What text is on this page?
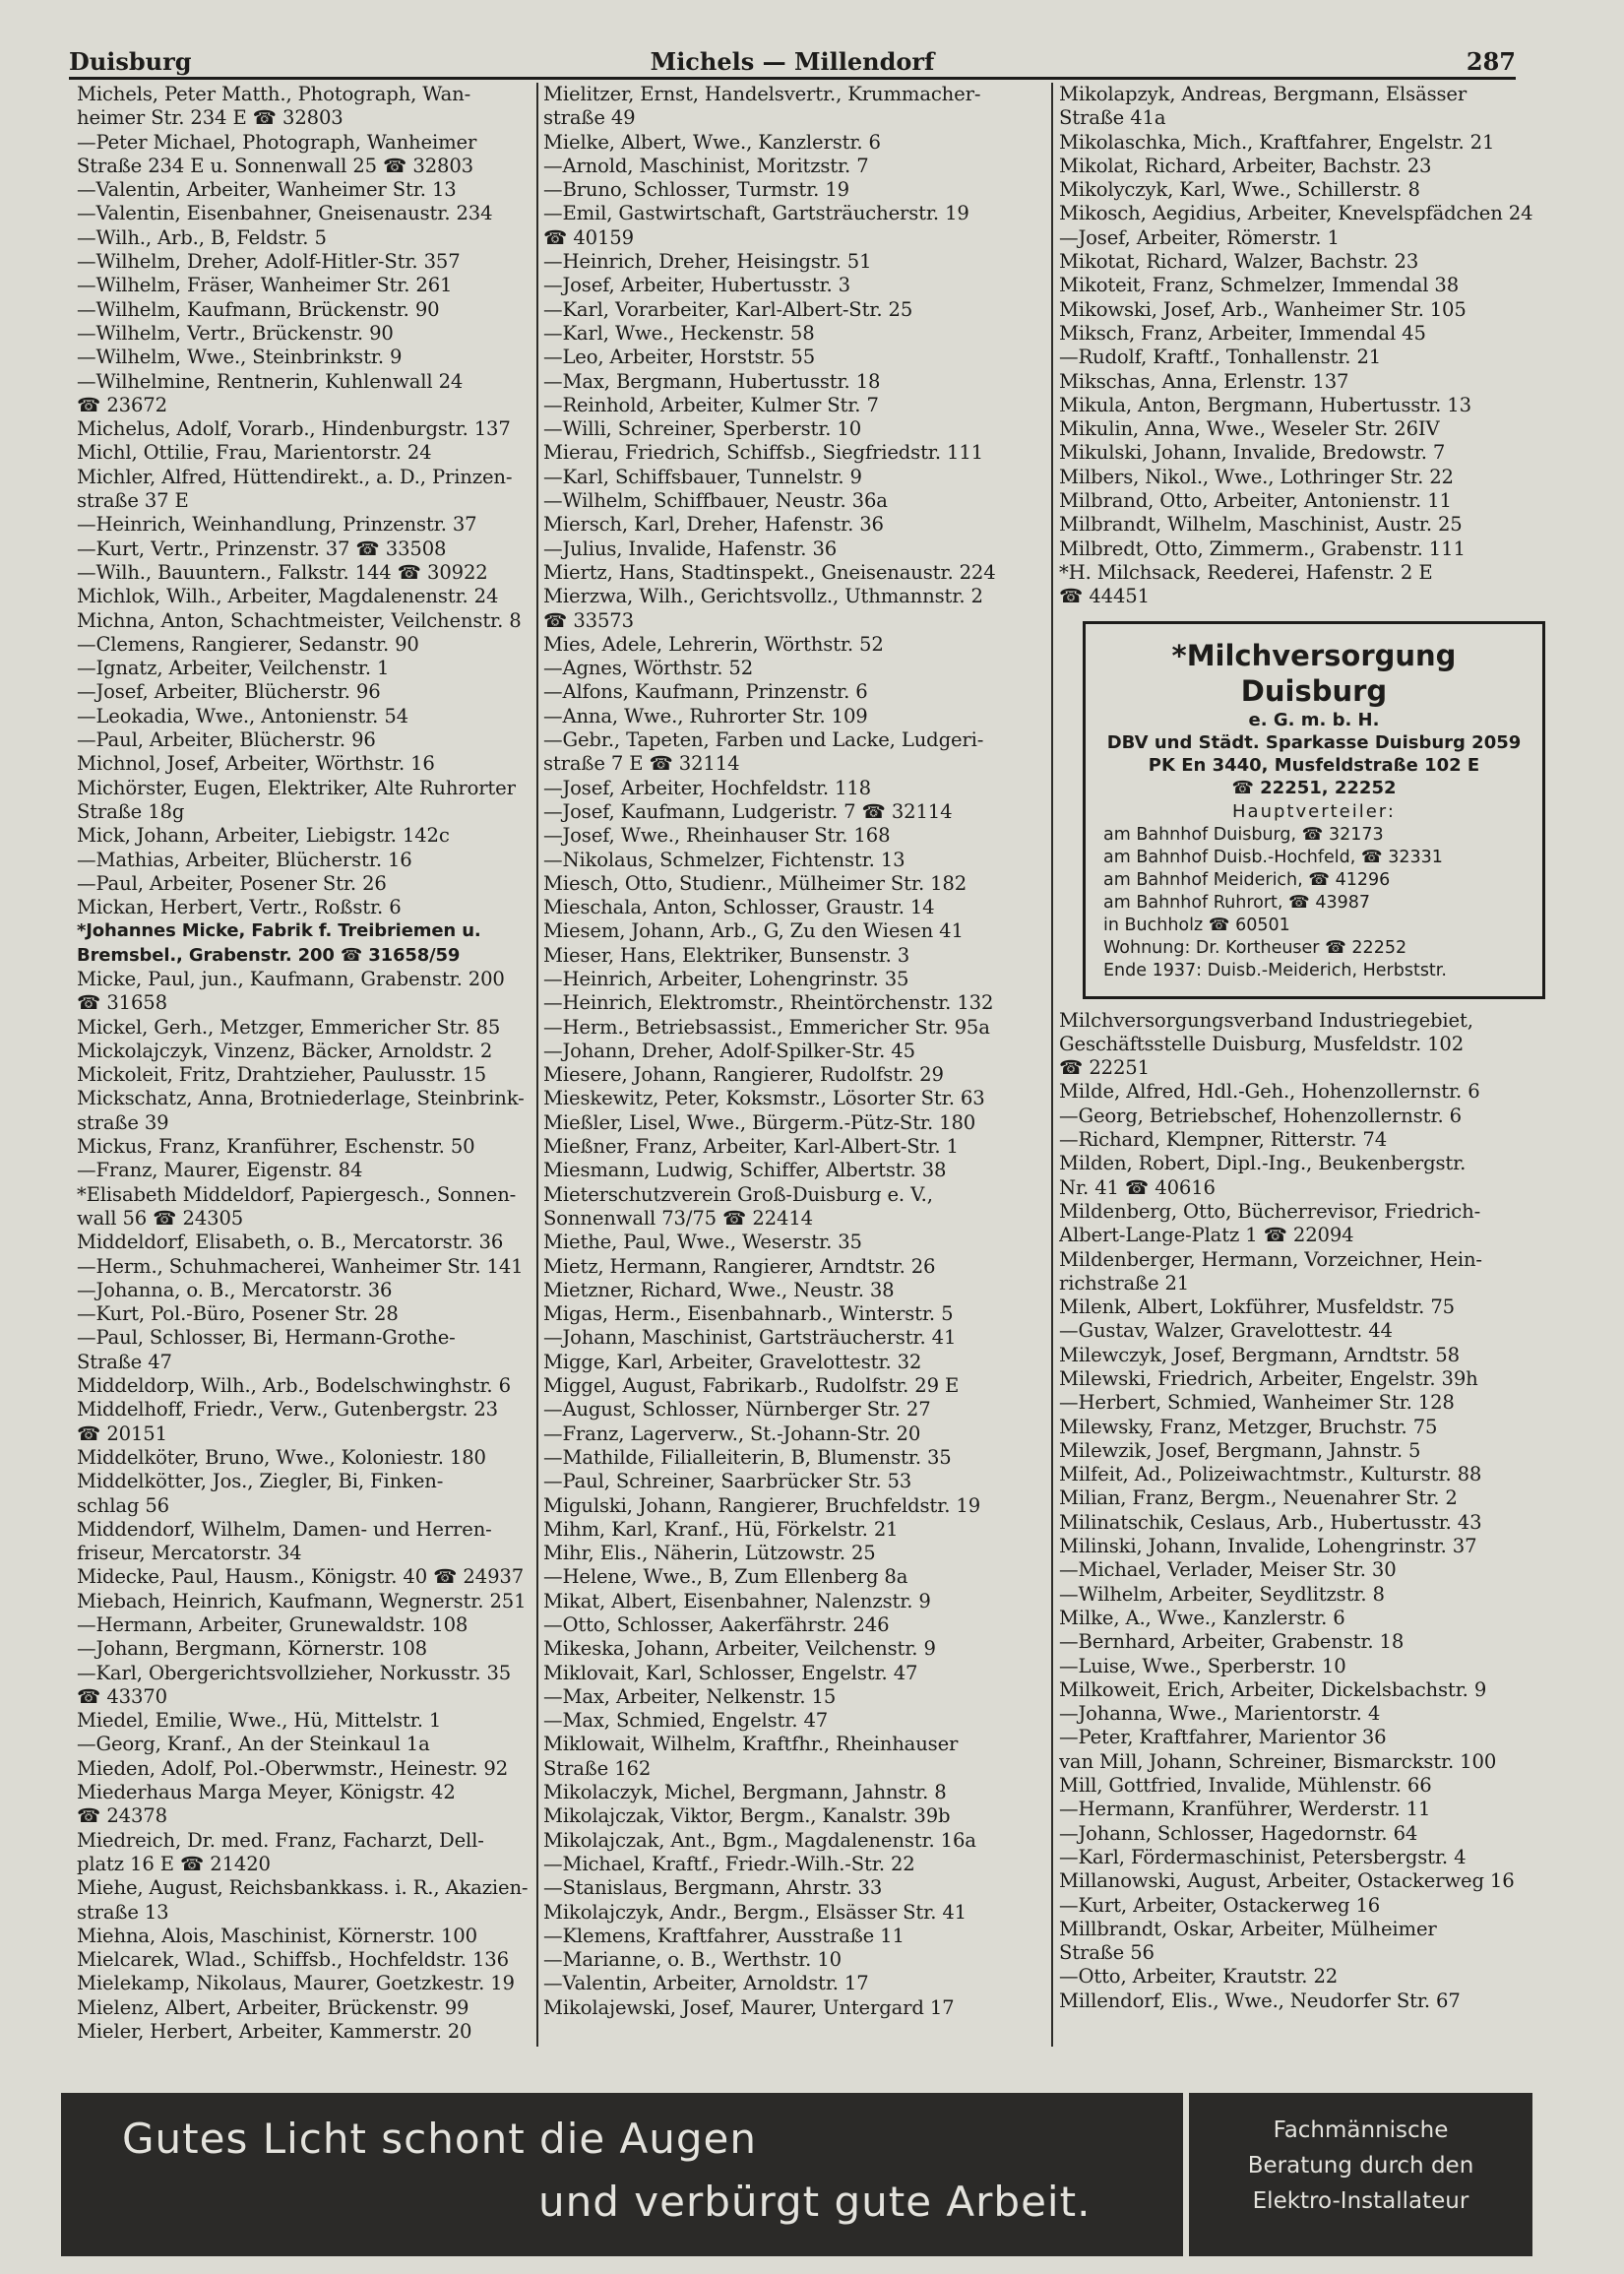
Duisburg	Michels — Millendorf	287
Michels, Peter Matth., Photograph, Wan-
heimer Str. 234 E ☎ 32803
—Peter Michael, Photograph, Wanheimer
Straße 234 E u. Sonnenwall 25 ☎ 32803
—Valentin, Arbeiter, Wanheimer Str. 13
—Valentin, Eisenbahner, Gneisenaustr. 234
—Wilh., Arb., B, Feldstr. 5
—Wilhelm, Dreher, Adolf-Hitler-Str. 357
—Wilhelm, Fräser, Wanheimer Str. 261
—Wilhelm, Kaufmann, Brückenstr. 90
—Wilhelm, Vertr., Brückenstr. 90
—Wilhelm, Wwe., Steinbrinkstr. 9
—Wilhelmine, Rentnerin, Kuhlenwall 24
☎ 23672
Michelus, Adolf, Vorarb., Hindenburgstr. 137
Michl, Ottilie, Frau, Marientorstr. 24
Michler, Alfred, Hüttendirekt., a. D., Prinzen-
straße 37 E
—Heinrich, Weinhandlung, Prinzenstr. 37
—Kurt, Vertr., Prinzenstr. 37 ☎ 33508
—Wilh., Bauuntern., Falkstr. 144 ☎ 30922
Michlok, Wilh., Arbeiter, Magdalenenstr. 24
Michna, Anton, Schachtmeister, Veilchenstr. 8
—Clemens, Rangierer, Sedanstr. 90
—Ignatz, Arbeiter, Veilchenstr. 1
—Josef, Arbeiter, Blücherstr. 96
—Leokadia, Wwe., Antonienstr. 54
—Paul, Arbeiter, Blücherstr. 96
Michnol, Josef, Arbeiter, Wörthstr. 16
Michörster, Eugen, Elektriker, Alte Ruhrorter
Straße 18g
Mick, Johann, Arbeiter, Liebigstr. 142c
—Mathias, Arbeiter, Blücherstr. 16
—Paul, Arbeiter, Posener Str. 26
Mickan, Herbert, Vertr., Roßstr. 6
*Johannes Micke, Fabrik f. Treibriemen u.
Bremsbel., Grabenstr. 200 ☎ 31658/59
Micke, Paul, jun., Kaufmann, Grabenstr. 200
☎ 31658
Mickel, Gerh., Metzger, Emmericher Str. 85
Mickolajczyk, Vinzenz, Bäcker, Arnoldstr. 2
Mickoleit, Fritz, Drahtzieher, Paulusstr. 15
Mickschatz, Anna, Brotniederlage, Steinbrink-
straße 39
Mickus, Franz, Kranführer, Eschenstr. 50
—Franz, Maurer, Eigenstr. 84
*Elisabeth Middeldorf, Papiergesch., Sonnen-
wall 56 ☎ 24305
Middeldorf, Elisabeth, o. B., Mercatorstr. 36
—Herm., Schuhmacherei, Wanheimer Str. 141
—Johanna, o. B., Mercatorstr. 36
—Kurt, Pol.-Büro, Posener Str. 28
—Paul, Schlosser, Bi, Hermann-Grothe-
Straße 47
Middeldorp, Wilh., Arb., Bodelschwinghstr. 6
Middelhoff, Friedr., Verw., Gutenbergstr. 23
☎ 20151
Middelköter, Bruno, Wwe., Koloniestr. 180
Middelkötter, Jos., Ziegler, Bi, Finken-
schlag 56
Middendorf, Wilhelm, Damen- und Herren-
friseur, Mercatorstr. 34
Midecke, Paul, Hausm., Königstr. 40 ☎ 24937
Miebach, Heinrich, Kaufmann, Wegnerstr. 251
—Hermann, Arbeiter, Grunewaldstr. 108
—Johann, Bergmann, Körnerstr. 108
—Karl, Obergerichtsvollzieher, Norkusstr. 35
☎ 43370
Miedel, Emilie, Wwe., Hü, Mittelstr. 1
—Georg, Kranf., An der Steinkaul 1a
Mieden, Adolf, Pol.-Oberwmstr., Heinestr. 92
Miederhaus Marga Meyer, Königstr. 42
☎ 24378
Miedreich, Dr. med. Franz, Facharzt, Dell-
platz 16 E ☎ 21420
Miehe, August, Reichsbankkass. i. R., Akazien-
straße 13
Miehna, Alois, Maschinist, Körnerstr. 100
Mielcarek, Wlad., Schiffsb., Hochfeldstr. 136
Mielekamp, Nikolaus, Maurer, Goetzkestr. 19
Mielenz, Albert, Arbeiter, Brückenstr. 99
Mieler, Herbert, Arbeiter, Kammerstr. 20
Mielitzer, Ernst, Handelsvertr., Krummacher-
straße 49
Mielke, Albert, Wwe., Kanzlerstr. 6
—Arnold, Maschinist, Moritzstr. 7
—Bruno, Schlosser, Turmstr. 19
—Emil, Gastwirtschaft, Gartsträucherstr. 19
☎ 40159
—Heinrich, Dreher, Heisingstr. 51
—Josef, Arbeiter, Hubertusstr. 3
—Karl, Vorarbeiter, Karl-Albert-Str. 25
—Karl, Wwe., Heckenstr. 58
—Leo, Arbeiter, Horststr. 55
—Max, Bergmann, Hubertusstr. 18
—Reinhold, Arbeiter, Kulmer Str. 7
—Willi, Schreiner, Sperberstr. 10
Mierau, Friedrich, Schiffsb., Siegfriedstr. 111
—Karl, Schiffsbauer, Tunnelstr. 9
—Wilhelm, Schiffbauer, Neustr. 36a
Miersch, Karl, Dreher, Hafenstr. 36
—Julius, Invalide, Hafenstr. 36
Miertz, Hans, Stadtinspekt., Gneisenaustr. 224
Mierzwa, Wilh., Gerichtsvollz., Uthmannstr. 2
☎ 33573
Mies, Adele, Lehrerin, Wörthstr. 52
—Agnes, Wörthstr. 52
—Alfons, Kaufmann, Prinzenstr. 6
—Anna, Wwe., Ruhrorter Str. 109
—Gebr., Tapeten, Farben und Lacke, Ludgeri-
straße 7 E ☎ 32114
—Josef, Arbeiter, Hochfeldstr. 118
—Josef, Kaufmann, Ludgeristr. 7 ☎ 32114
—Josef, Wwe., Rheinhauser Str. 168
—Nikolaus, Schmelzer, Fichtenstr. 13
Miesch, Otto, Studienr., Mülheimer Str. 182
Mieschala, Anton, Schlosser, Graustr. 14
Miesem, Johann, Arb., G, Zu den Wiesen 41
Mieser, Hans, Elektriker, Bunsenstr. 3
—Heinrich, Arbeiter, Lohengrinstr. 35
—Heinrich, Elektromstr., Rheintörchenstr. 132
—Herm., Betriebsassist., Emmericher Str. 95a
—Johann, Dreher, Adolf-Spilker-Str. 45
Miesere, Johann, Rangierer, Rudolfstr. 29
Mieskewitz, Peter, Koksmstr., Lösorter Str. 63
Mießler, Lisel, Wwe., Bürgerm.-Pütz-Str. 180
Mießner, Franz, Arbeiter, Karl-Albert-Str. 1
Miesmann, Ludwig, Schiffer, Albertstr. 38
Mieterschutzverein Groß-Duisburg e. V.,
Sonnenwall 73/75 ☎ 22414
Miethe, Paul, Wwe., Weserstr. 35
Mietz, Hermann, Rangierer, Arndtstr. 26
Mietzner, Richard, Wwe., Neustr. 38
Migas, Herm., Eisenbahnarb., Winterstr. 5
—Johann, Maschinist, Gartsträucherstr. 41
Migge, Karl, Arbeiter, Gravelottestr. 32
Miggel, August, Fabrikarb., Rudolfstr. 29 E
—August, Schlosser, Nürnberger Str. 27
—Franz, Lagerverw., St.-Johann-Str. 20
—Mathilde, Filialleiterin, B, Blumenstr. 35
—Paul, Schreiner, Saarbrücker Str. 53
Migulski, Johann, Rangierer, Bruchfeldstr. 19
Mihm, Karl, Kranf., Hü, Förkelstr. 21
Mihr, Elis., Näherin, Lützowstr. 25
—Helene, Wwe., B, Zum Ellenberg 8a
Mikat, Albert, Eisenbahner, Nalenzstr. 9
—Otto, Schlosser, Aakerfährstr. 246
Mikeska, Johann, Arbeiter, Veilchenstr. 9
Miklovait, Karl, Schlosser, Engelstr. 47
—Max, Arbeiter, Nelkenstr. 15
—Max, Schmied, Engelstr. 47
Miklowait, Wilhelm, Kraftfhr., Rheinhauser
Straße 162
Mikolaczyk, Michel, Bergmann, Jahnstr. 8
Mikolajczak, Viktor, Bergm., Kanalstr. 39b
Mikolajczak, Ant., Bgm., Magdalenenstr. 16a
—Michael, Kraftf., Friedr.-Wilh.-Str. 22
—Stanislaus, Bergmann, Ahrstr. 33
Mikolajczyk, Andr., Bergm., Elsässer Str. 41
—Klemens, Kraftfahrer, Ausstraße 11
—Marianne, o. B., Werthstr. 10
—Valentin, Arbeiter, Arnoldstr. 17
Mikolajewski, Josef, Maurer, Untergard 17
Mikolapzyk, Andreas, Bergmann, Elsässer
Straße 41a
Mikolaschka, Mich., Kraftfahrer, Engelstr. 21
Mikolat, Richard, Arbeiter, Bachstr. 23
Mikolyczyk, Karl, Wwe., Schillerstr. 8
Mikosch, Aegidius, Arbeiter, Knevelspfädchen 24
—Josef, Arbeiter, Römerstr. 1
Mikotat, Richard, Walzer, Bachstr. 23
Mikoteit, Franz, Schmelzer, Immendal 38
Mikowski, Josef, Arb., Wanheimer Str. 105
Miksch, Franz, Arbeiter, Immendal 45
—Rudolf, Kraftf., Tonhallenstr. 21
Mikschas, Anna, Erlenstr. 137
Mikula, Anton, Bergmann, Hubertusstr. 13
Mikulin, Anna, Wwe., Weseler Str. 26IV
Mikulski, Johann, Invalide, Bredowstr. 7
Milbers, Nikol., Wwe., Lothringer Str. 22
Milbrand, Otto, Arbeiter, Antonienstr. 11
Milbrandt, Wilhelm, Maschinist, Austr. 25
Milbredt, Otto, Zimmerm., Grabenstr. 111
*H. Milchsack, Reederei, Hafenstr. 2 E
☎ 44451
*Milchversorgung Duisburg
e. G. m. b. H.
DBV und Städt. Sparkasse Duisburg 2059
PK En 3440, Musfeldstraße 102 E
☎ 22251, 22252
Hauptverteiler:
am Bahnhof Duisburg, ☎ 32173
am Bahnhof Duisb.-Hochfeld, ☎ 32331
am Bahnhof Meiderich, ☎ 41296
am Bahnhof Ruhrort, ☎ 43987
in Buchholz ☎ 60501
Wohnung: Dr. Kortheuser ☎ 22252
Ende 1937: Duisb.-Meiderich, Herbststr.
Milchversorgungsverband Industriegebiet,
Geschäftsstelle Duisburg, Musfeldstr. 102
☎ 22251
Milde, Alfred, Hdl.-Geh., Hohenzollernstr. 6
—Georg, Betriebschef, Hohenzollernstr. 6
—Richard, Klempner, Ritterstr. 74
Milden, Robert, Dipl.-Ing., Beukenbergstr.
Nr. 41 ☎ 40616
Mildenberg, Otto, Bücherrevisor, Friedrich-
Albert-Lange-Platz 1 ☎ 22094
Mildenberger, Hermann, Vorzeichner, Hein-
richstraße 21
Milenk, Albert, Lokführer, Musfeldstr. 75
—Gustav, Walzer, Gravelottestr. 44
Milewczyk, Josef, Bergmann, Arndtstr. 58
Milewski, Friedrich, Arbeiter, Engelstr. 39h
—Herbert, Schmied, Wanheimer Str. 128
Milewsky, Franz, Metzger, Bruchstr. 75
Milewzik, Josef, Bergmann, Jahnstr. 5
Milfeit, Ad., Polizeiwachtmstr., Kulturstr. 88
Milian, Franz, Bergm., Neuenahrer Str. 2
Milinatschik, Ceslaus, Arb., Hubertusstr. 43
Milinski, Johann, Invalide, Lohengrinstr. 37
—Michael, Verlader, Meiser Str. 30
—Wilhelm, Arbeiter, Seydlitzstr. 8
Milke, A., Wwe., Kanzlerstr. 6
—Bernhard, Arbeiter, Grabenstr. 18
—Luise, Wwe., Sperberstr. 10
Milkoweit, Erich, Arbeiter, Dickelsbachstr. 9
—Johanna, Wwe., Marientorstr. 4
—Peter, Kraftfahrer, Marientor 36
van Mill, Johann, Schreiner, Bismarckstr. 100
Mill, Gottfried, Invalide, Mühlenstr. 66
—Hermann, Kranführer, Werderstr. 11
—Johann, Schlosser, Hagedornstr. 64
—Karl, Fördermaschinist, Petersbergstr. 4
Millanowski, August, Arbeiter, Ostackerweg 16
—Kurt, Arbeiter, Ostackerweg 16
Millbrandt, Oskar, Arbeiter, Mülheimer
Straße 56
—Otto, Arbeiter, Krautstr. 22
Millendorf, Elis., Wwe., Neudorfer Str. 67
Gutes Licht schont die Augen
und verbürgt gute Arbeit.
Fachmännische
Beratung durch den
Elektro-Installateur
